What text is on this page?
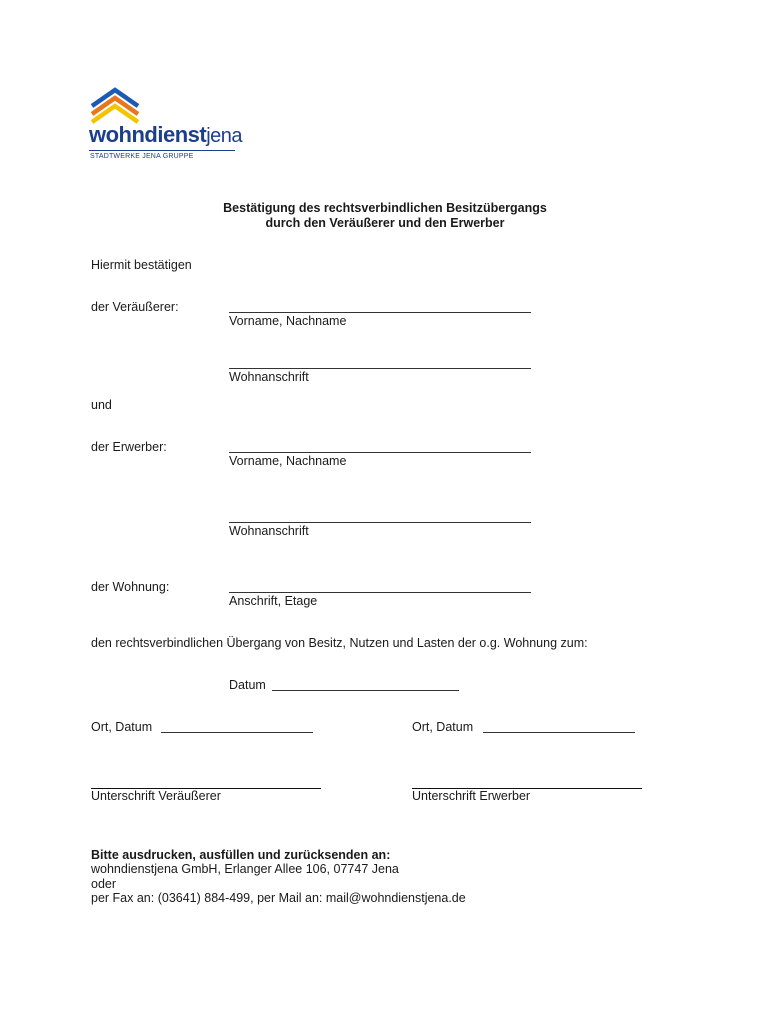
wohndienstjena
STADTWERKE JENA GRUPPE
Bestätigung des rechtsverbindlichen Besitzübergangs
durch den Veräußerer und den Erwerber
Hiermit bestätigen
der Veräußerer:
Vorname, Nachname
Wohnanschrift
und
der Erwerber:
Vorname, Nachname
Wohnanschrift
der Wohnung:
Anschrift, Etage
den rechtsverbindlichen Übergang von Besitz, Nutzen und Lasten der o.g. Wohnung zum:
Datum
Ort, Datum	Ort, Datum
Unterschrift Veräußerer	Unterschrift Erwerber
Bitte ausdrucken, ausfüllen und zurücksenden an:
wohndienstjena GmbH, Erlanger Allee 106, 07747 Jena
oder
per Fax an: (03641) 884-499, per Mail an: mail@wohndienstjena.de
